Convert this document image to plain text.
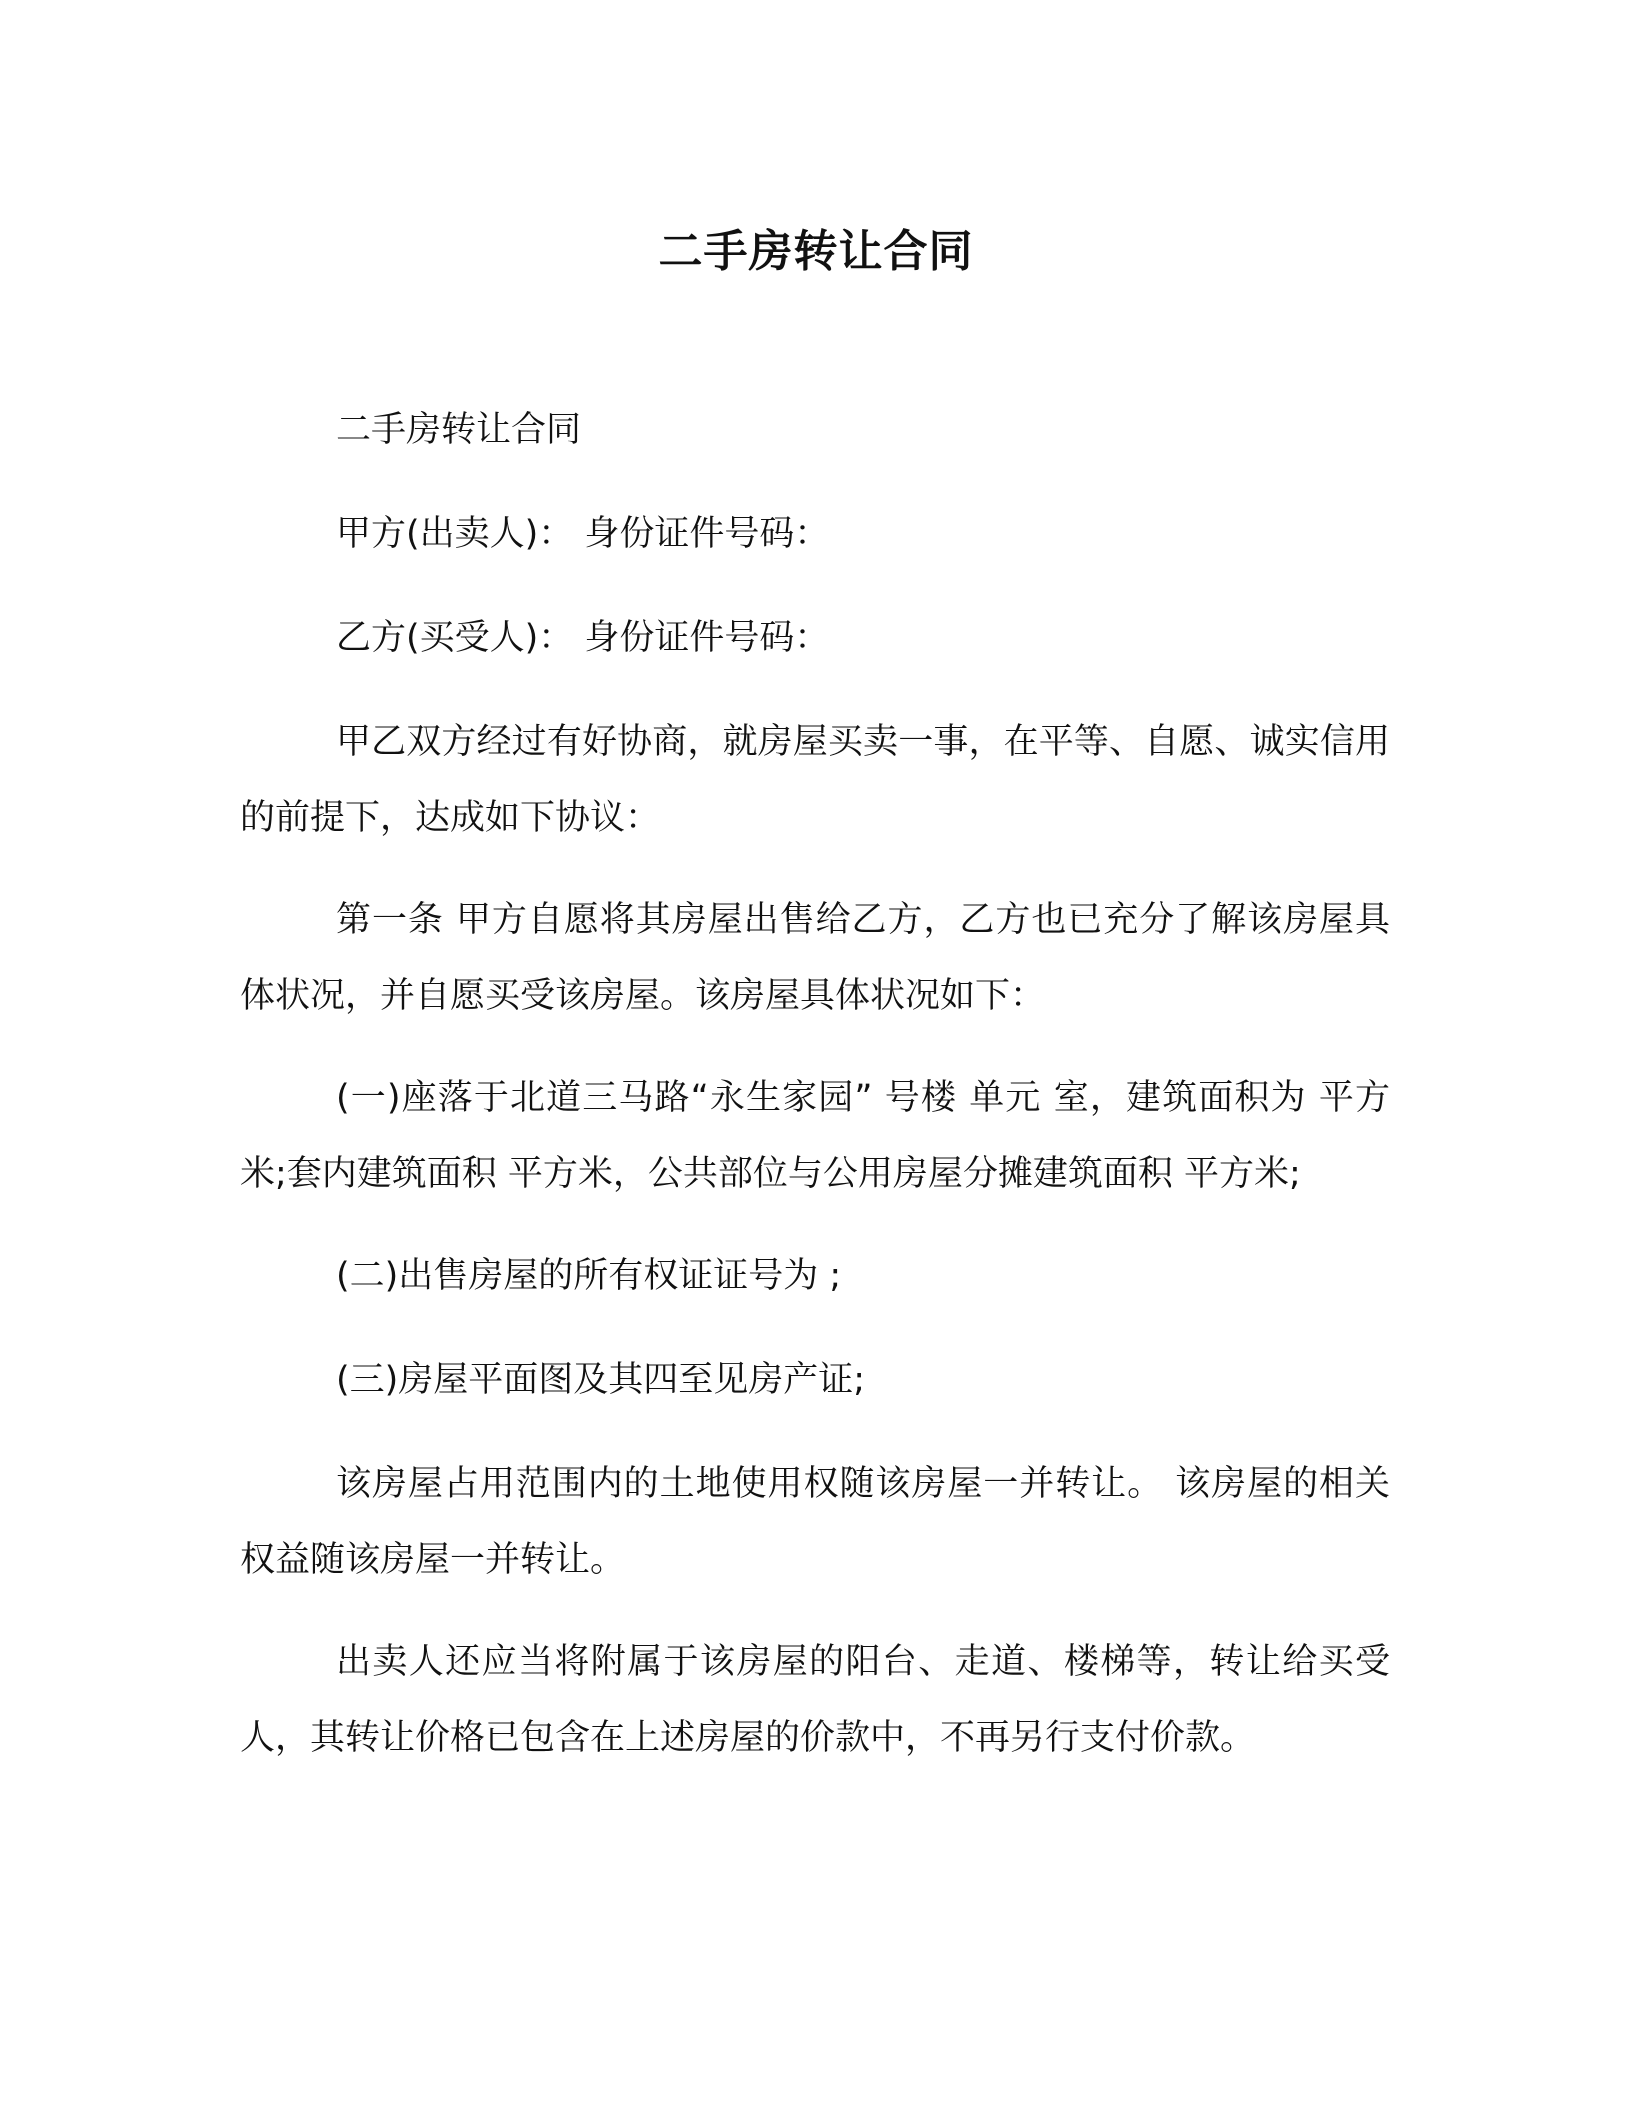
二手房转让合同

二手房转让合同

甲方(出卖人)： 身份证件号码：

乙方(买受人)： 身份证件号码：

甲乙双方经过有好协商，就房屋买卖一事，在平等、自愿、诚实信用的前提下，达成如下协议：

第一条 甲方自愿将其房屋出售给乙方，乙方也已充分了解该房屋具体状况，并自愿买受该房屋。该房屋具体状况如下：

(一)座落于北道三马路“永生家园” 号楼 单元 室，建筑面积为 平方米;套内建筑面积 平方米，公共部位与公用房屋分摊建筑面积 平方米;

(二)出售房屋的所有权证证号为 ;

(三)房屋平面图及其四至见房产证;

该房屋占用范围内的土地使用权随该房屋一并转让。 该房屋的相关权益随该房屋一并转让。

出卖人还应当将附属于该房屋的阳台、走道、楼梯等，转让给买受人，其转让价格已包含在上述房屋的价款中，不再另行支付价款。
